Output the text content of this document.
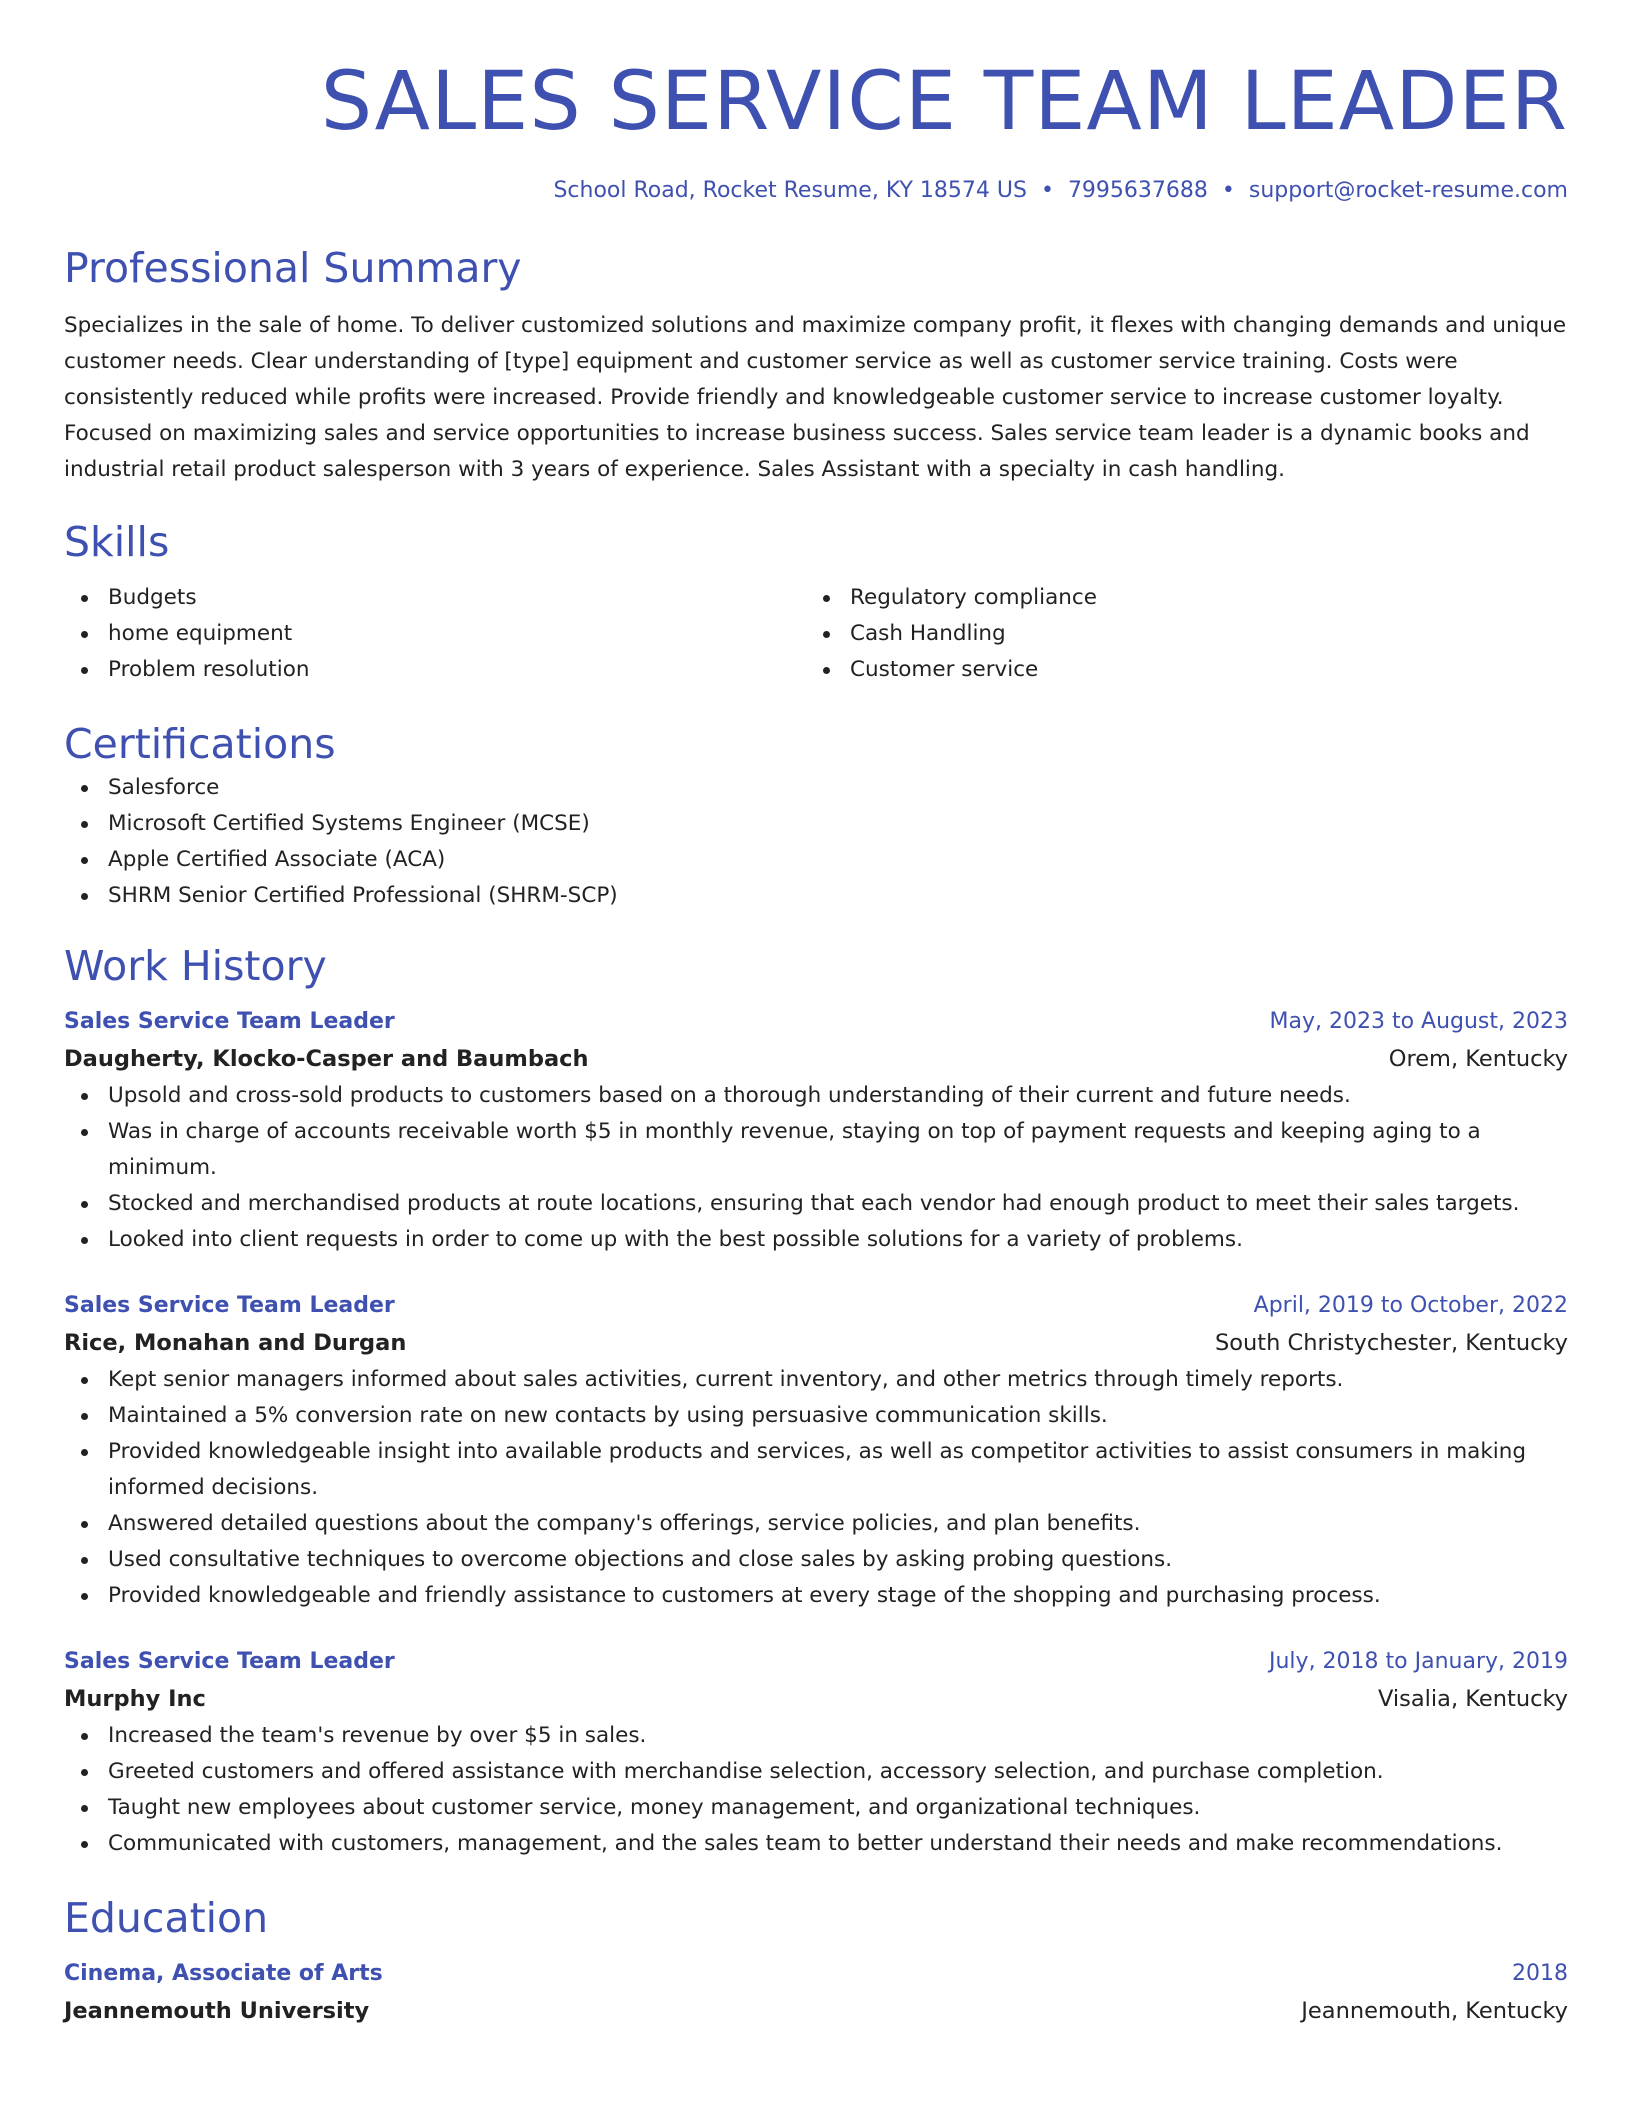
SALES SERVICE TEAM LEADER
School Road, Rocket Resume, KY 18574 US • 7995637688 • support@rocket-resume.com
Professional Summary
Specializes in the sale of home. To deliver customized solutions and maximize company profit, it flexes with changing demands and unique customer needs. Clear understanding of [type] equipment and customer service as well as customer service training. Costs were consistently reduced while profits were increased. Provide friendly and knowledgeable customer service to increase customer loyalty. Focused on maximizing sales and service opportunities to increase business success. Sales service team leader is a dynamic books and industrial retail product salesperson with 3 years of experience. Sales Assistant with a specialty in cash handling.
Skills
Budgets
home equipment
Problem resolution
Regulatory compliance
Cash Handling
Customer service
Certifications
Salesforce
Microsoft Certified Systems Engineer (MCSE)
Apple Certified Associate (ACA)
SHRM Senior Certified Professional (SHRM-SCP)
Work History
Sales Service Team Leader	May, 2023 to August, 2023
Daugherty, Klocko-Casper and Baumbach	Orem, Kentucky
Upsold and cross-sold products to customers based on a thorough understanding of their current and future needs.
Was in charge of accounts receivable worth $5 in monthly revenue, staying on top of payment requests and keeping aging to a minimum.
Stocked and merchandised products at route locations, ensuring that each vendor had enough product to meet their sales targets.
Looked into client requests in order to come up with the best possible solutions for a variety of problems.
Sales Service Team Leader	April, 2019 to October, 2022
Rice, Monahan and Durgan	South Christychester, Kentucky
Kept senior managers informed about sales activities, current inventory, and other metrics through timely reports.
Maintained a 5% conversion rate on new contacts by using persuasive communication skills.
Provided knowledgeable insight into available products and services, as well as competitor activities to assist consumers in making informed decisions.
Answered detailed questions about the company's offerings, service policies, and plan benefits.
Used consultative techniques to overcome objections and close sales by asking probing questions.
Provided knowledgeable and friendly assistance to customers at every stage of the shopping and purchasing process.
Sales Service Team Leader	July, 2018 to January, 2019
Murphy Inc	Visalia, Kentucky
Increased the team's revenue by over $5 in sales.
Greeted customers and offered assistance with merchandise selection, accessory selection, and purchase completion.
Taught new employees about customer service, money management, and organizational techniques.
Communicated with customers, management, and the sales team to better understand their needs and make recommendations.
Education
Cinema, Associate of Arts	2018
Jeannemouth University	Jeannemouth, Kentucky
